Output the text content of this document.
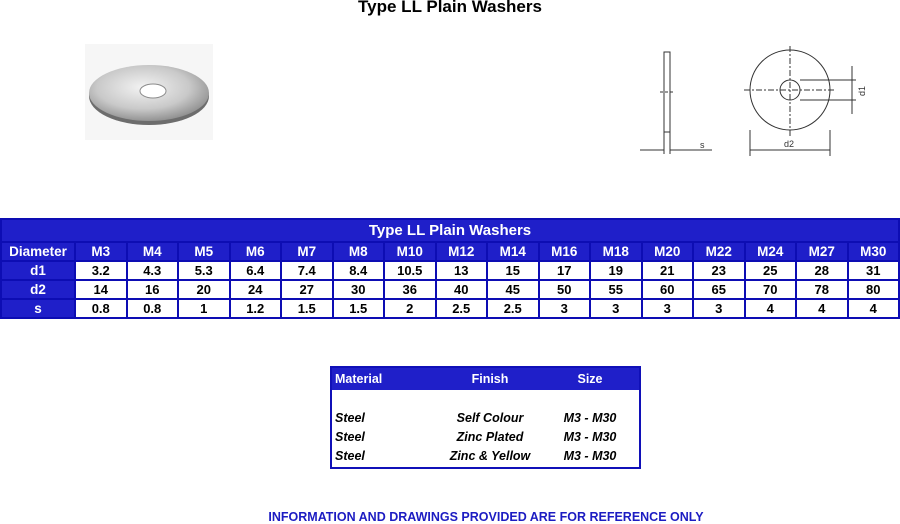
Type LL Plain Washers
s	d2
d1
Type LL Plain Washers																
Diameter	M3	M4	M5	M6	M7	M8	M10	M12	M14	M16	M18	M20	M22	M24	M27	M30
d1	3.2	4.3	5.3	6.4	7.4	8.4	10.5	13	15	17	19	21	23	25	28	31
d2	14	16	20	24	27	30	36	40	45	50	55	60	65	70	78	80
s	0.8	0.8	1	1.2	1.5	1.5	2	2.5	2.5	3	3	3	3	4	4	4
Material	Finish	Size
Steel	Self Colour	M3 - M30
Steel	Zinc Plated	M3 - M30
Steel	Zinc & Yellow	M3 - M30
INFORMATION AND DRAWINGS PROVIDED ARE FOR REFERENCE ONLY
